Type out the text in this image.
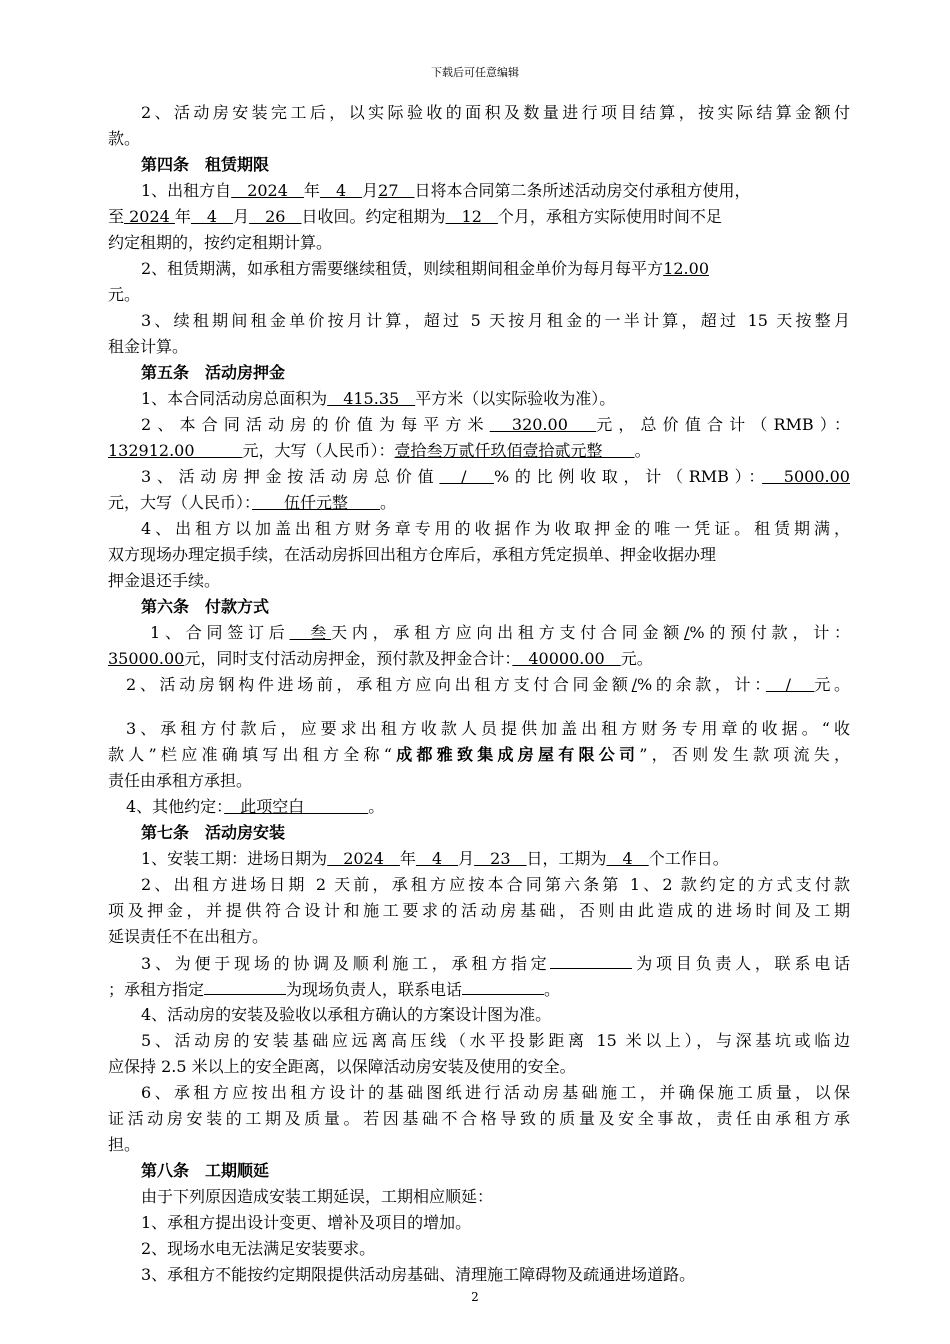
下载后可任意编辑
2、活动房安装完工后，以实际验收的面积及数量进行项目结算，按实际结算金额付
款。
第四条　租赁期限
1、出租方自　2024　年　4　月27　日将本合同第二条所述活动房交付承租方使用，
至 2024 年　4　月　26　日收回。约定租期为　12　个月，承租方实际使用时间不足
约定租期的，按约定租期计算。
2、租赁期满，如承租方需要继续租赁，则续租期间租金单价为每月每平方12.00
元。
3、续租期间租金单价按月计算，超过 5 天按月租金的一半计算，超过 15 天按整月
租金计算。
第五条　活动房押金
1、本合同活动房总面积为　415.35　平方米（以实际验收为准）。
2、本合同活动房的价值为每平方米　320.00　元，总价值合计（RMB）：
132912.00　　　元，大写（人民币）：壹拾叁万贰仟玖佰壹拾贰元整　　。
3、活动房押金按活动房总价值　/　%的比例收取，计（RMB）：　5000.00
元，大写（人民币）：　　伍仟元整　　。
4、出租方以加盖出租方财务章专用的收据作为收取押金的唯一凭证。租赁期满，
双方现场办理定损手续，在活动房拆回出租方仓库后，承租方凭定损单、押金收据办理
押金退还手续。
第六条　付款方式
1、合同签订后　叁天内，承租方应向出租方支付合同金额/%的预付款，计：
35000.00元，同时支付活动房押金，预付款及押金合计：　40000.00　元。
2、活动房钢构件进场前，承租方应向出租方支付合同金额/%的余款，计：　/　元。
3、承租方付款后，应要求出租方收款人员提供加盖出租方财务专用章的收据。“收
款人”栏应准确填写出租方全称“成都雅致集成房屋有限公司”，否则发生款项流失，
责任由承租方承担。
4、其他约定：　此项空白　　　　。
第七条　活动房安装
1、安装工期：进场日期为　2024　年　4　月　23　日，工期为　4　个工作日。
2、出租方进场日期 2 天前，承租方应按本合同第六条第 1、2 款约定的方式支付款
项及押金，并提供符合设计和施工要求的活动房基础，否则由此造成的进场时间及工期
延误责任不在出租方。
3、为便于现场的协调及顺利施工，承租方指定	为项目负责人，联系电话
；承租方指定	为现场负责人，联系电话	。
4、活动房的安装及验收以承租方确认的方案设计图为准。
5、活动房的安装基础应远离高压线（水平投影距离 15 米以上），与深基坑或临边
应保持 2.5 米以上的安全距离，以保障活动房安装及使用的安全。
6、承租方应按出租方设计的基础图纸进行活动房基础施工，并确保施工质量，以保
证活动房安装的工期及质量。若因基础不合格导致的质量及安全事故，责任由承租方承
担。
第八条　工期顺延
由于下列原因造成安装工期延误，工期相应顺延：
1、承租方提出设计变更、增补及项目的增加。
2、现场水电无法满足安装要求。
3、承租方不能按约定期限提供活动房基础、清理施工障碍物及疏通进场道路。
2
